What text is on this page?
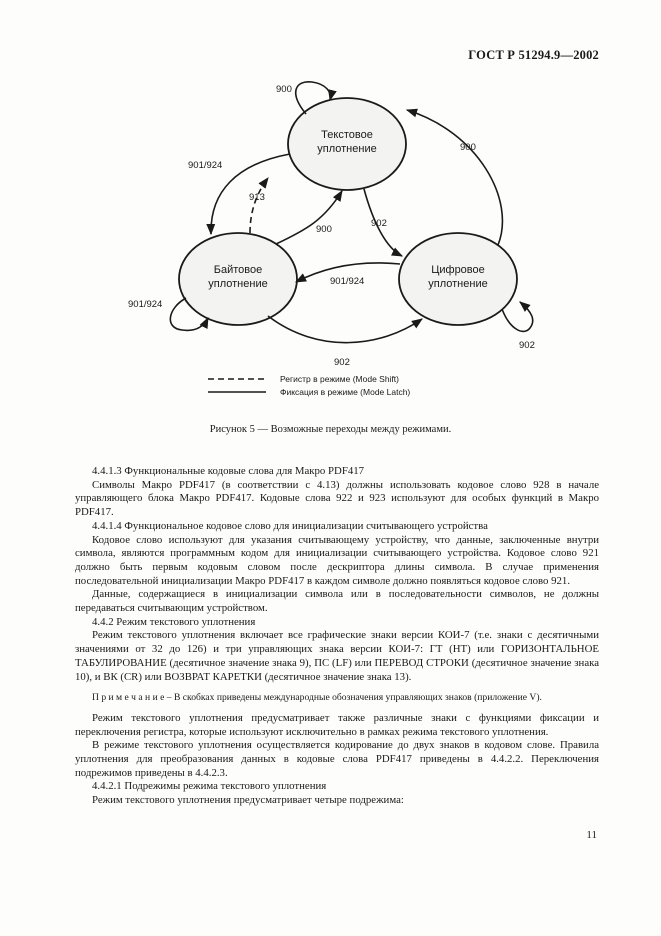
ГОСТ Р 51294.9—2002
Текстовое
уплотнение
Байтовое
уплотнение
Цифровое
уплотнение
900
901/924
913
900
902
900
901/924
901/924
902
902
Регистр в режиме (Mode Shift)
Фиксация в режиме (Mode Latch)
Рисунок 5 — Возможные переходы между режимами.

4.4.1.3 Функциональные кодовые слова для Макро PDF417

Символы Макро PDF417 (в соответствии с 4.13) должны использовать кодовое слово 928 в начале управляющего блока Макро PDF417. Кодовые слова 922 и 923 используют для особых функций в Макро PDF417.

4.4.1.4 Функциональное кодовое слово для инициализации считывающего устройства

Кодовое слово используют для указания считывающему устройству, что данные, заключенные внутри символа, являются программным кодом для инициализации считывающего устройства. Кодовое слово 921 должно быть первым кодовым словом после дескриптора длины символа. В случае применения последовательной инициализации Макро PDF417 в каждом символе должно появляться кодовое слово 921.

Данные, содержащиеся в инициализации символа или в последовательности символов, не должны передаваться считывающим устройством.

4.4.2 Режим текстового уплотнения

Режим текстового уплотнения включает все графические знаки версии КОИ-7 (т.е. знаки с десятичными значениями от 32 до 126) и три управляющих знака версии КОИ-7: ГТ (НТ) или ГОРИЗОНТАЛЬНОЕ ТАБУЛИРОВАНИЕ (десятичное значение знака 9), ПС (LF) или ПЕРЕВОД СТРОКИ (десятичное значение знака 10), и ВК (CR) или ВОЗВРАТ КАРЕТКИ (десятичное значение знака 13).

П р и м е ч а н и е – В скобках приведены международные обозначения управляющих знаков (приложение V).

Режим текстового уплотнения предусматривает также различные знаки с функциями фиксации и переключения регистра, которые используют исключительно в рамках режима текстового уплотнения.

В режиме текстового уплотнения осуществляется кодирование до двух знаков в кодовом слове. Правила уплотнения для преобразования данных в кодовые слова PDF417 приведены в 4.4.2.2. Переключения подрежимов приведены в 4.4.2.3.

4.4.2.1 Подрежимы режима текстового уплотнения

Режим текстового уплотнения предусматривает четыре подрежима:

11
